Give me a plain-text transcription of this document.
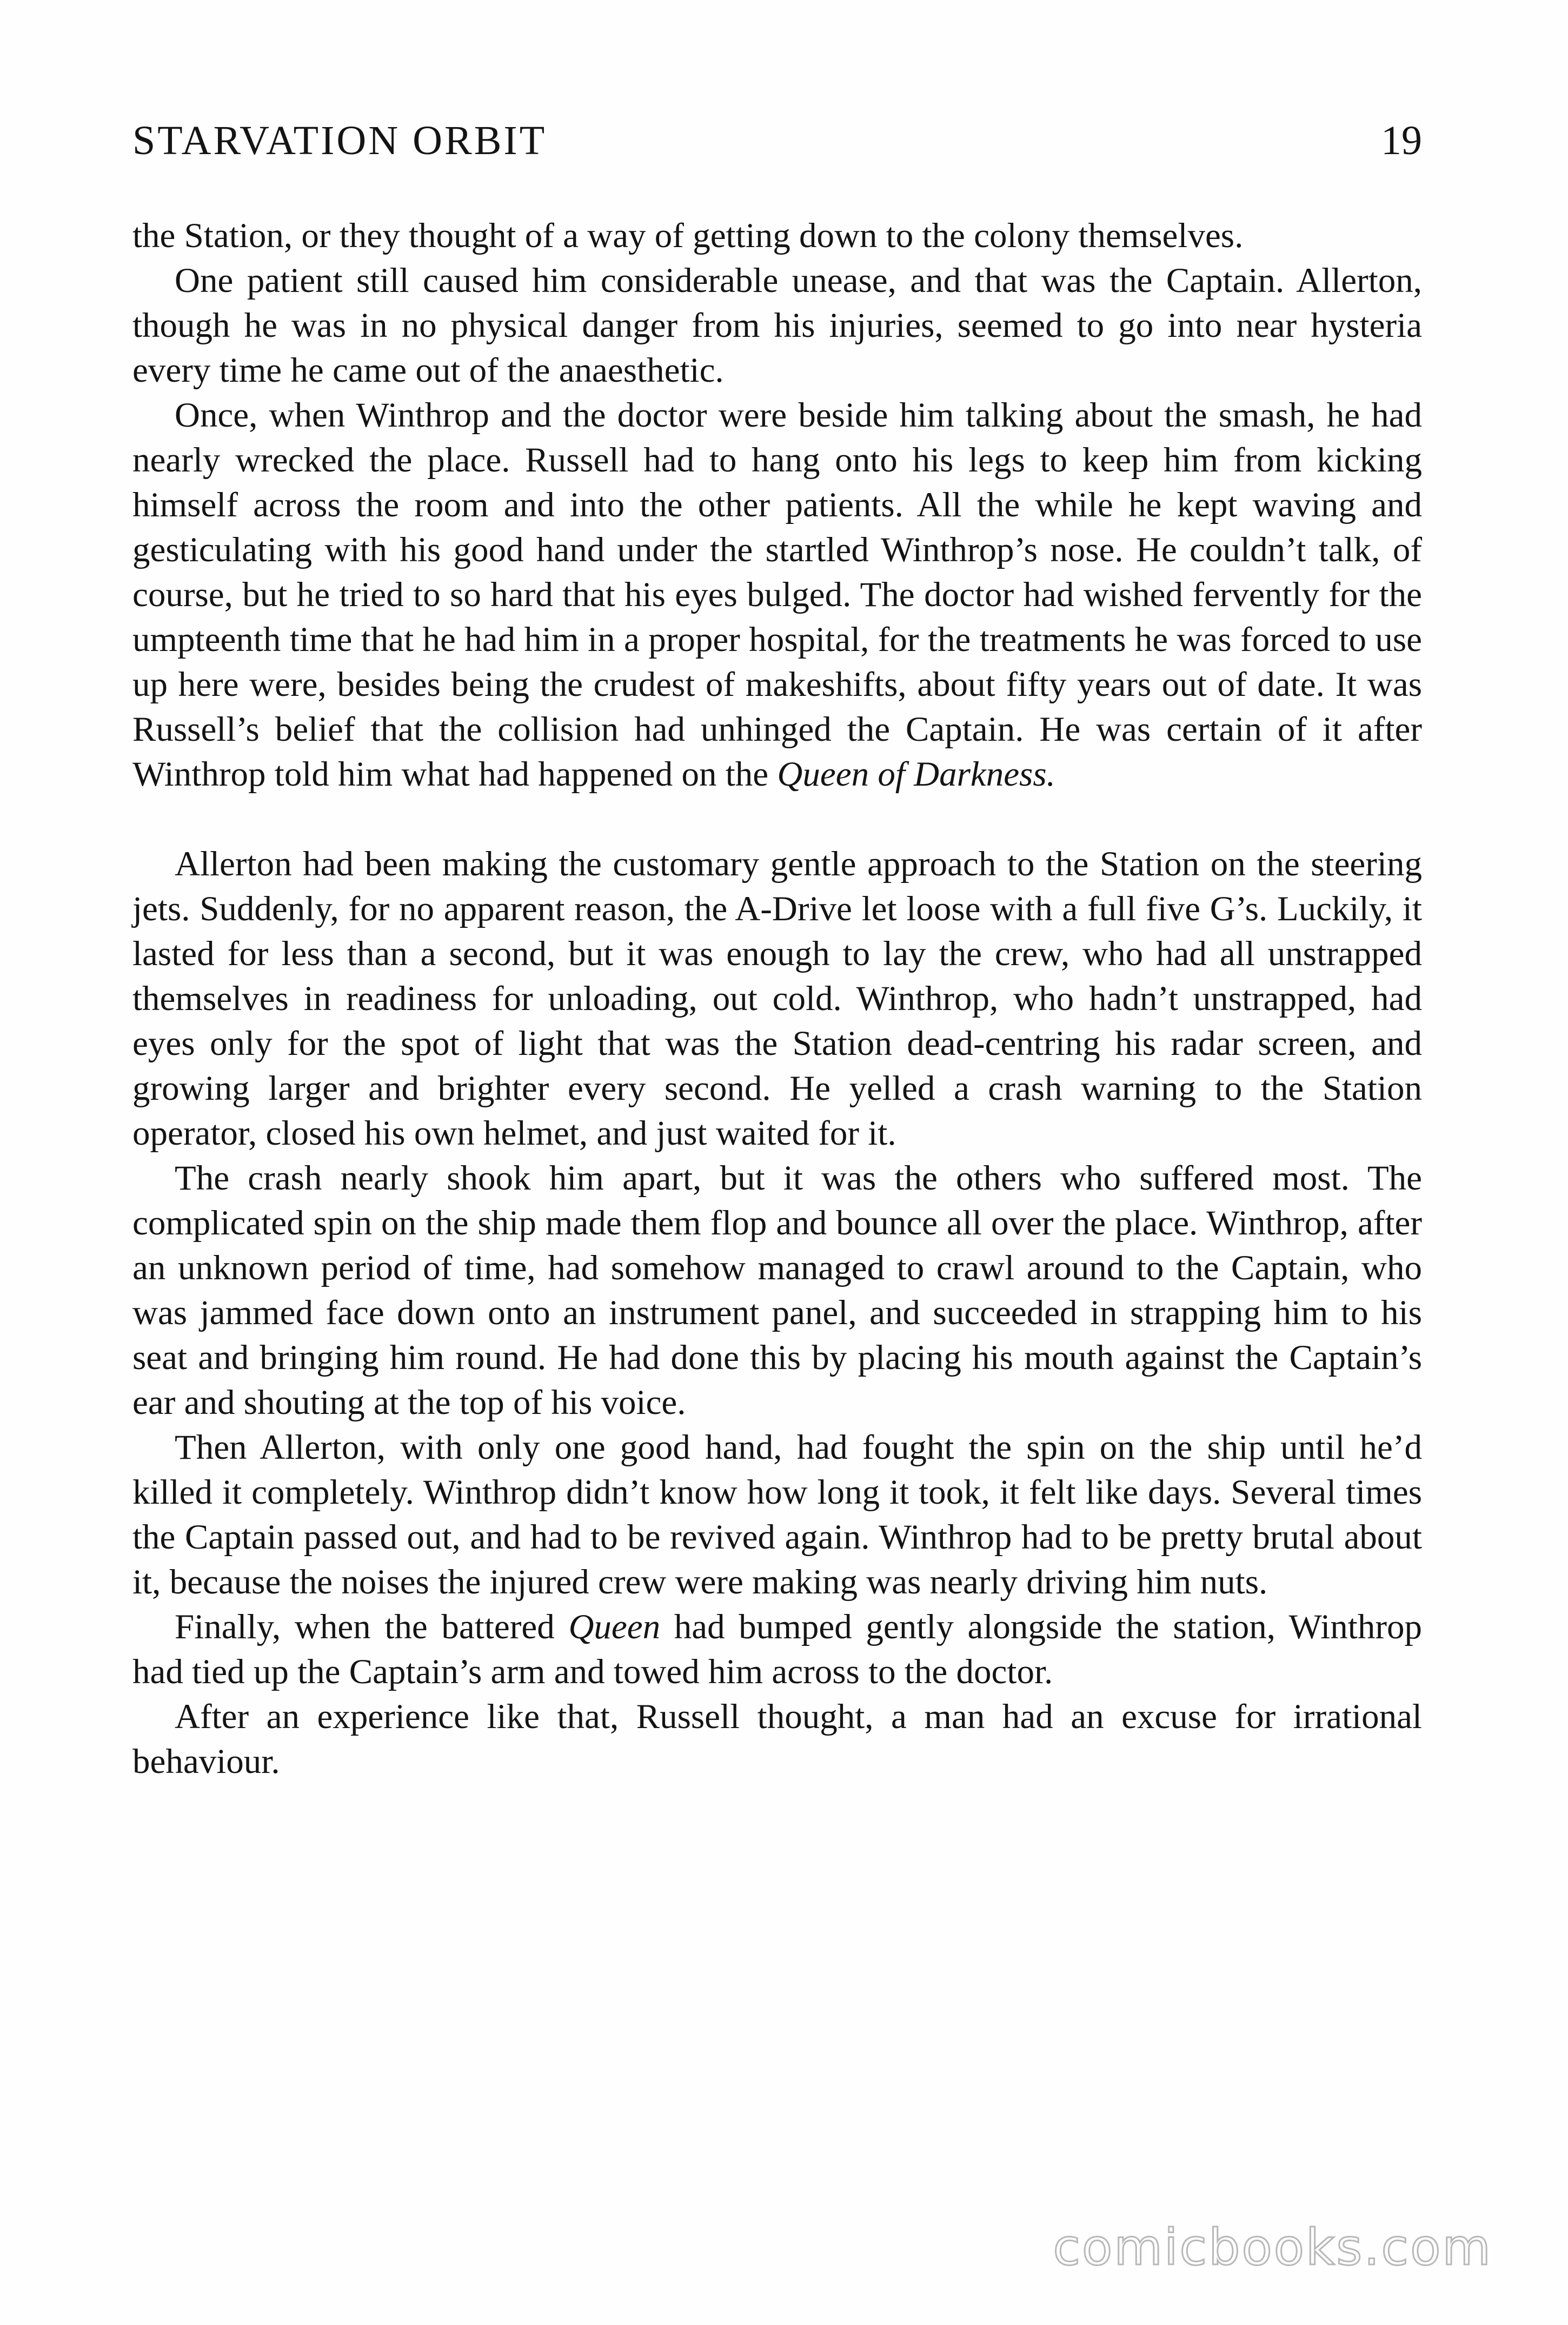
STARVATION ORBIT	19

the Station, or they thought of a way of getting down to the colony themselves.

One patient still caused him considerable unease, and that was the Captain. Allerton, though he was in no physical danger from his injuries, seemed to go into near hysteria every time he came out of the anaesthetic.

Once, when Winthrop and the doctor were beside him talking about the smash, he had nearly wrecked the place. Russell had to hang onto his legs to keep him from kicking himself across the room and into the other patients. All the while he kept waving and gesticulating with his good hand under the startled Winthrop’s nose. He couldn’t talk, of course, but he tried to so hard that his eyes bulged. The doctor had wished fervently for the umpteenth time that he had him in a proper hospital, for the treatments he was forced to use up here were, besides being the crudest of makeshifts, about fifty years out of date. It was Russell’s belief that the collision had unhinged the Captain. He was certain of it after Winthrop told him what had happened on the Queen of Darkness.

Allerton had been making the customary gentle approach to the Station on the steering jets. Suddenly, for no apparent reason, the A-Drive let loose with a full five G’s. Luckily, it lasted for less than a second, but it was enough to lay the crew, who had all unstrapped themselves in readiness for unloading, out cold. Winthrop, who hadn’t unstrapped, had eyes only for the spot of light that was the Station dead-centring his radar screen, and growing larger and brighter every second. He yelled a crash warning to the Station operator, closed his own helmet, and just waited for it.

The crash nearly shook him apart, but it was the others who suffered most. The complicated spin on the ship made them flop and bounce all over the place. Winthrop, after an unknown period of time, had somehow managed to crawl around to the Captain, who was jammed face down onto an instrument panel, and succeeded in strapping him to his seat and bringing him round. He had done this by placing his mouth against the Captain’s ear and shouting at the top of his voice.

Then Allerton, with only one good hand, had fought the spin on the ship until he’d killed it completely. Winthrop didn’t know how long it took, it felt like days. Several times the Captain passed out, and had to be revived again. Winthrop had to be pretty brutal about it, because the noises the injured crew were making was nearly driving him nuts.

Finally, when the battered Queen had bumped gently alongside the station, Winthrop had tied up the Captain’s arm and towed him across to the doctor.

After an experience like that, Russell thought, a man had an excuse for irrational behaviour.

comicbooks.com
